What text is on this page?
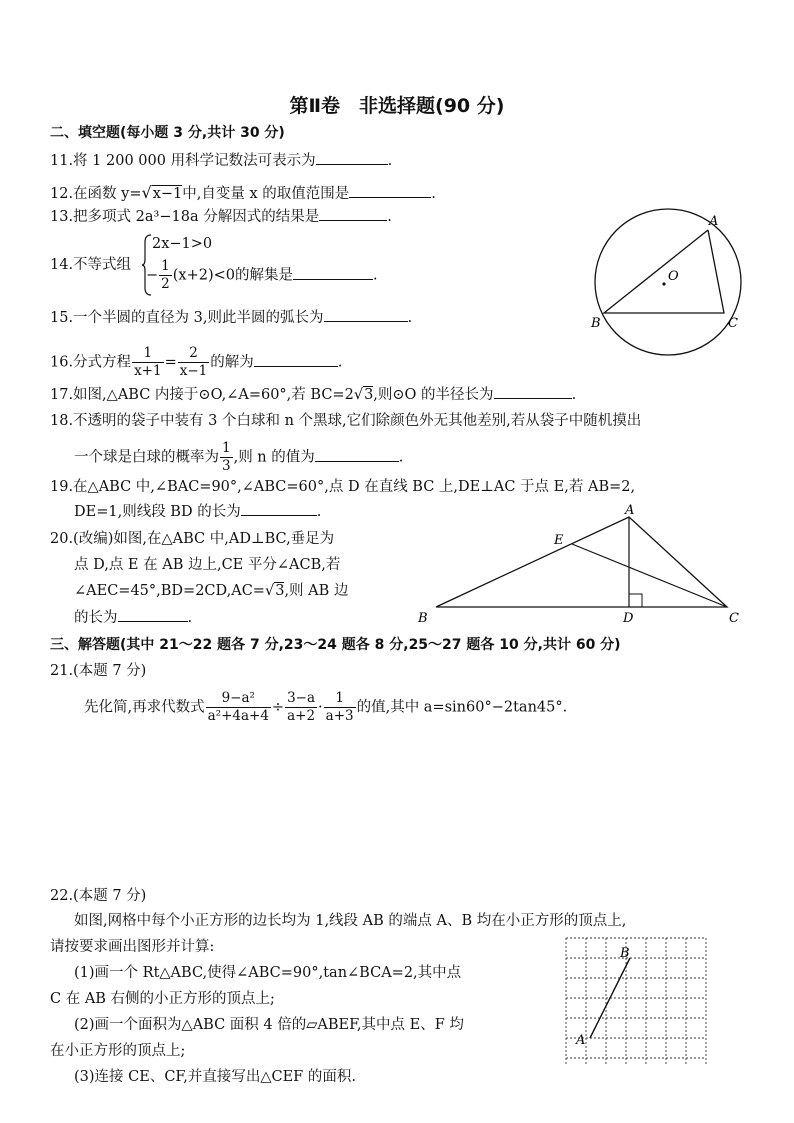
第Ⅱ卷　非选择题(90 分)
二、填空题(每小题 3 分,共计 30 分)
11.将 1 200 000 用科学记数法可表示为	.
12.在函数 y=√x−1中,自变量 x 的取值范围是	.
13.把多项式 2a³−18a 分解因式的结果是	.
14.不等式组
2x−1>0
− $\frac{1}{2} (x+2)<0$的解集是	.
15.一个半圆的直径为 3,则此半圆的弧长为	.
16.分式方程 $\frac{1}{x+1} = \frac{2}{x-1}$ 的解为	.
17.如图,△ABC 内接于⊙O,∠A=60°,若 BC=2√3,则⊙O 的半径长为	.
18.不透明的袋子中装有 3 个白球和 n 个黑球,它们除颜色外无其他差别,若从袋子中随机摸出
一个球是白球的概率为 $\frac{1}{3}$ ,则 n 的值为	.
19.在△ABC 中,∠BAC=90°,∠ABC=60°,点 D 在直线 BC 上,DE⊥AC 于点 E,若 AB=2,
DE=1,则线段 BD 的长为	.
20.(改编)如图,在△ABC 中,AD⊥BC,垂足为
点 D,点 E 在 AB 边上,CE 平分∠ACB,若
∠AEC=45°,BD=2CD,AC=√3,则 AB 边
的长为	.
A
B	C
O
A
B	C
D
E
三、解答题(其中 21～22 题各 7 分,23～24 题各 8 分,25～27 题各 10 分,共计 60 分)
21.(本题 7 分)
先化简,再求代数式 $\frac{\text{9−a²}}{\text{a²+4a+4}} \div \frac{3-a}{a+2} \cdot \frac{1}{a+3}$ 的值,其中 a=sin60°−2tan45°.
22.(本题 7 分)
如图,网格中每个小正方形的边长均为 1,线段 AB 的端点 A、B 均在小正方形的顶点上,
请按要求画出图形并计算:
(1)画一个 Rt△ABC,使得∠ABC=90°,tan∠BCA=2,其中点
C 在 AB 右侧的小正方形的顶点上;
(2)画一个面积为△ABC 面积 4 倍的▱ABEF,其中点 E、F 均
在小正方形的顶点上;
(3)连接 CE、CF,并直接写出△CEF 的面积.
B
A
